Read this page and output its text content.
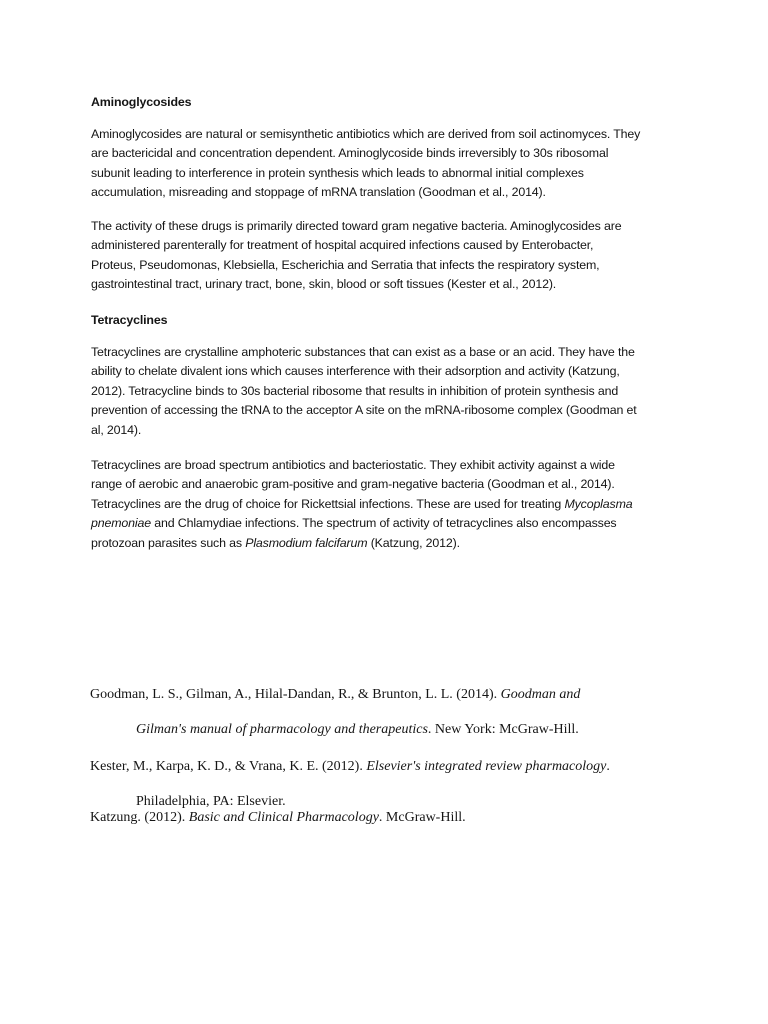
Aminoglycosides
Aminoglycosides are natural or semisynthetic antibiotics which are derived from soil actinomyces. They
are bactericidal and concentration dependent. Aminoglycoside binds irreversibly to 30s ribosomal
subunit leading to interference in protein synthesis which leads to abnormal initial complexes
accumulation, misreading and stoppage of mRNA translation (Goodman et al., 2014).
The activity of these drugs is primarily directed toward gram negative bacteria. Aminoglycosides are
administered parenterally for treatment of hospital acquired infections caused by Enterobacter,
Proteus, Pseudomonas, Klebsiella, Escherichia and Serratia that infects the respiratory system,
gastrointestinal tract, urinary tract, bone, skin, blood or soft tissues (Kester et al., 2012).
Tetracyclines
Tetracyclines are crystalline amphoteric substances that can exist as a base or an acid. They have the
ability to chelate divalent ions which causes interference with their adsorption and activity (Katzung,
2012). Tetracycline binds to 30s bacterial ribosome that results in inhibition of protein synthesis and
prevention of accessing the tRNA to the acceptor A site on the mRNA-ribosome complex (Goodman et
al, 2014).
Tetracyclines are broad spectrum antibiotics and bacteriostatic. They exhibit activity against a wide
range of aerobic and anaerobic gram-positive and gram-negative bacteria (Goodman et al., 2014).
Tetracyclines are the drug of choice for Rickettsial infections. These are used for treating Mycoplasma
pnemoniae and Chlamydiae infections. The spectrum of activity of tetracyclines also encompasses
protozoan parasites such as Plasmodium falcifarum (Katzung, 2012).
Goodman, L. S., Gilman, A., Hilal-Dandan, R., & Brunton, L. L. (2014). Goodman and
Gilman's manual of pharmacology and therapeutics. New York: McGraw-Hill.
Kester, M., Karpa, K. D., & Vrana, K. E. (2012). Elsevier's integrated review pharmacology.
Philadelphia, PA: Elsevier.
Katzung. (2012). Basic and Clinical Pharmacology. McGraw-Hill.
